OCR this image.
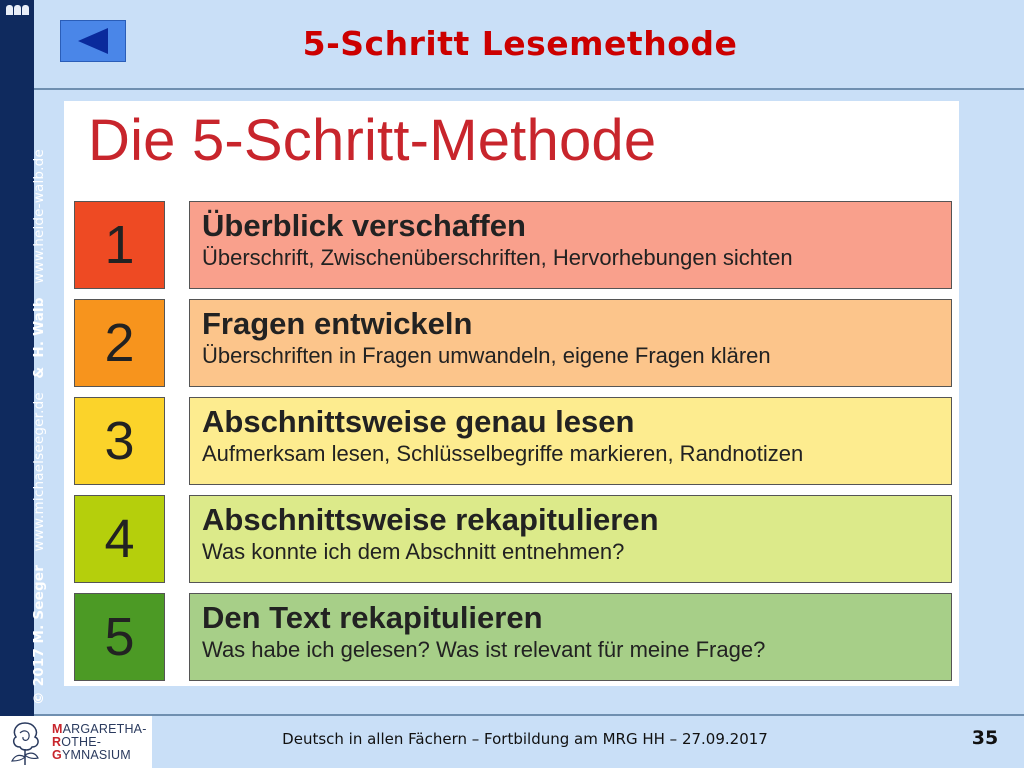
© 2017 M. Seeger   www.michaelseeger.de   &  H. Walb   www.heide-walb.de
5-Schritt Lesemethode
Die 5-Schritt-Methode
1	Überblick verschaffen
Überschrift, Zwischenüberschriften, Hervorhebungen sichten
2	Fragen entwickeln
Überschriften in Fragen umwandeln, eigene Fragen klären
3	Abschnittsweise genau lesen
Aufmerksam lesen, Schlüsselbegriffe markieren, Randnotizen
4	Abschnittsweise rekapitulieren
Was konnte ich dem Abschnitt entnehmen?
5	Den Text rekapitulieren
Was habe ich gelesen? Was ist relevant für meine Frage?
MARGARETHA-
ROTHE-
GYMNASIUM
Deutsch in allen Fächern – Fortbildung am MRG HH – 27.09.2017	35
